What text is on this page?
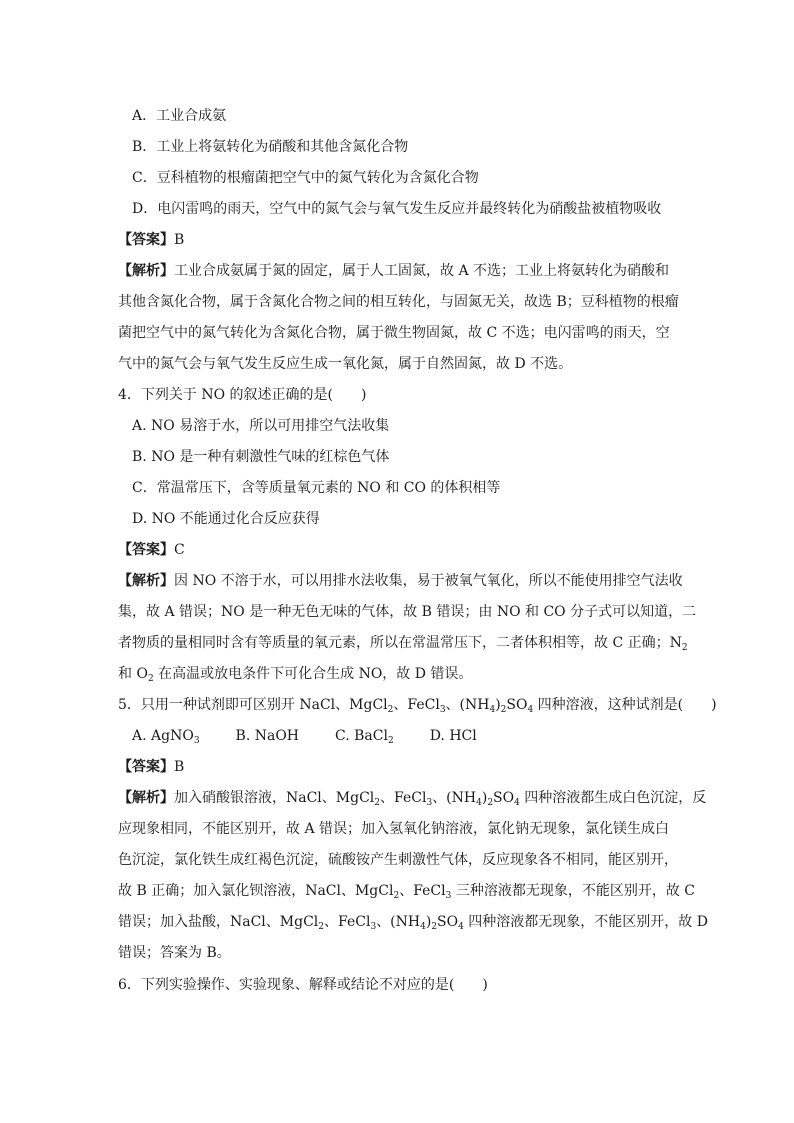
A．工业合成氨
B．工业上将氨转化为硝酸和其他含氮化合物
C．豆科植物的根瘤菌把空气中的氮气转化为含氮化合物
D．电闪雷鸣的雨天，空气中的氮气会与氧气发生反应并最终转化为硝酸盐被植物吸收
【答案】B
【解析】工业合成氨属于氮的固定，属于人工固氮，故 A 不选；工业上将氨转化为硝酸和
其他含氮化合物，属于含氮化合物之间的相互转化，与固氮无关，故选 B；豆科植物的根瘤
菌把空气中的氮气转化为含氮化合物，属于微生物固氮，故 C 不选；电闪雷鸣的雨天，空
气中的氮气会与氧气发生反应生成一氧化氮，属于自然固氮，故 D 不选。
4．下列关于 NO 的叙述正确的是(　　)
A. NO 易溶于水，所以可用排空气法收集
B. NO 是一种有刺激性气味的红棕色气体
C．常温常压下，含等质量氧元素的 NO 和 CO 的体积相等
D. NO 不能通过化合反应获得
【答案】C
【解析】因 NO 不溶于水，可以用排水法收集，易于被氧气氧化，所以不能使用排空气法收
集，故 A 错误；NO 是一种无色无味的气体，故 B 错误；由 NO 和 CO 分子式可以知道，二
者物质的量相同时含有等质量的氧元素，所以在常温常压下，二者体积相等，故 C 正确；$N_2$
和 $O_2$ 在高温或放电条件下可化合生成 NO，故 D 错误。
5．只用一种试剂即可区别开 NaCl、MgCl$_2$、FeCl$_3$、$(NH_4)_2SO_4$ 四种溶液，这种试剂是(　　)
A. AgNO$_3$	B. NaOH	C. BaCl$_2$	D. HCl
【答案】B
【解析】加入硝酸银溶液，NaCl、MgCl$_2$、FeCl$_3$、$(NH_4)_2SO_4$ 四种溶液都生成白色沉淀，反
应现象相同，不能区别开，故 A 错误；加入氢氧化钠溶液，氯化钠无现象，氯化镁生成白
色沉淀，氯化铁生成红褐色沉淀，硫酸铵产生刺激性气体，反应现象各不相同，能区别开，
故 B 正确；加入氯化钡溶液，NaCl、MgCl$_2$、FeCl$_3$ 三种溶液都无现象，不能区别开，故 C
错误；加入盐酸，NaCl、MgCl$_2$、FeCl$_3$、$(NH_4)_2SO_4$ 四种溶液都无现象，不能区别开，故 D
错误；答案为 B。
6．下列实验操作、实验现象、解释或结论不对应的是(　　)
